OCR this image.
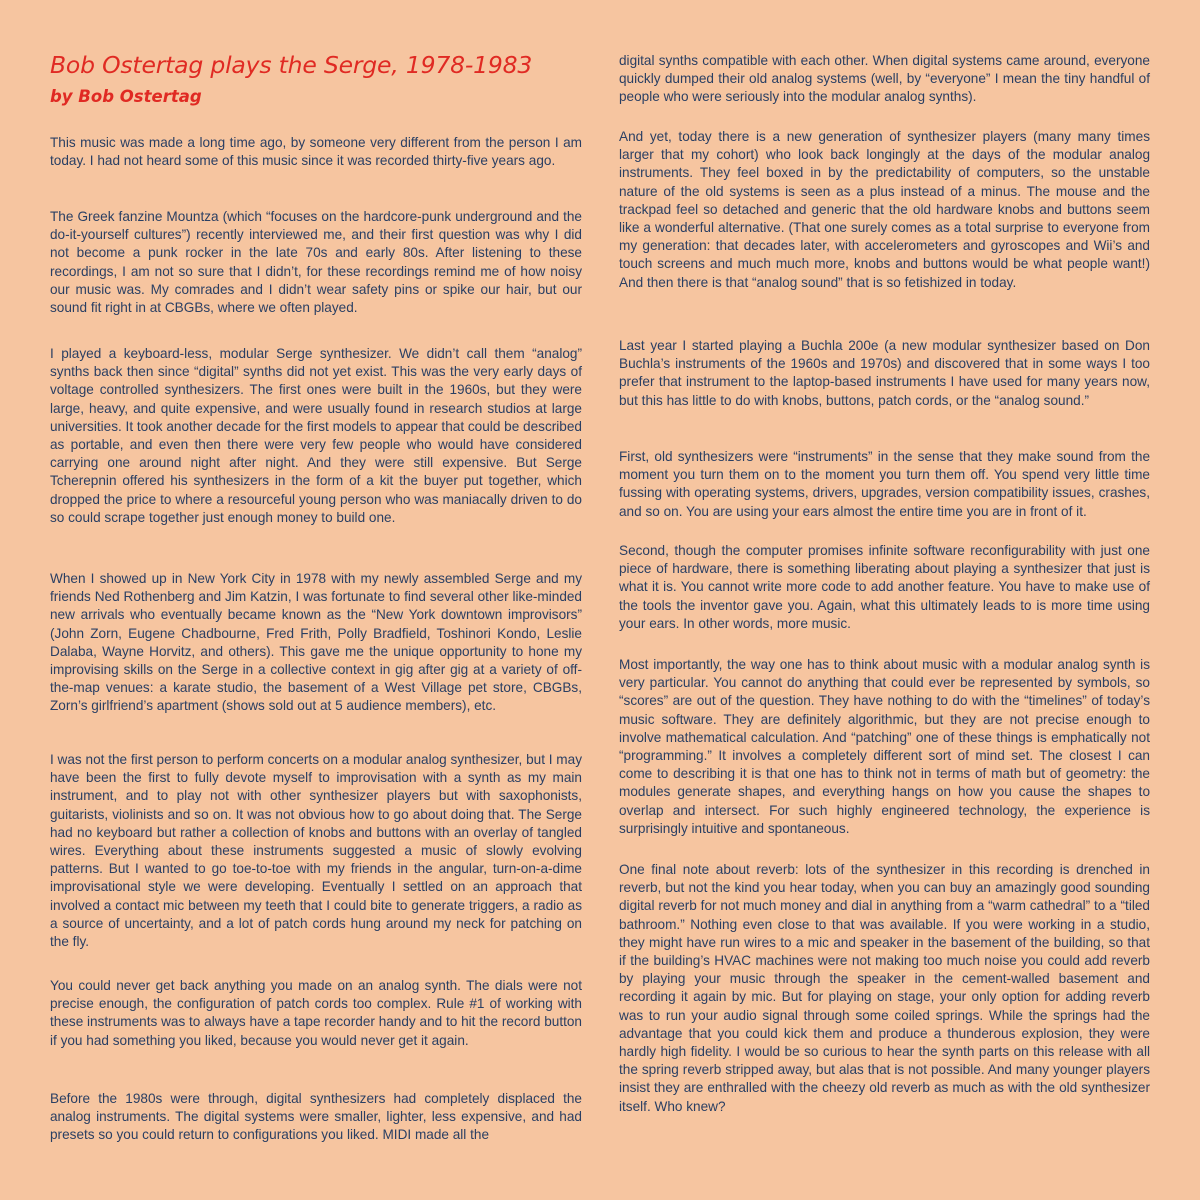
Bob Ostertag plays the Serge, 1978-1983
by Bob Ostertag

This music was made a long time ago, by someone very different from the person I am today. I had not heard some of this music since it was recorded thirty-five years ago.

The Greek fanzine Mountza (which “focuses on the hardcore-punk underground and the do-it-yourself cultures”) recently interviewed me, and their first question was why I did not become a punk rocker in the late 70s and early 80s. After listening to these recordings, I am not so sure that I didn’t, for these recordings remind me of how noisy our music was. My comrades and I didn’t wear safety pins or spike our hair, but our sound fit right in at CBGBs, where we often played.

I played a keyboard-less, modular Serge synthesizer. We didn’t call them “analog” synths back then since “digital” synths did not yet exist. This was the very early days of voltage controlled synthesizers. The first ones were built in the 1960s, but they were large, heavy, and quite expensive, and were usually found in research studios at large universities. It took another decade for the first models to appear that could be described as portable, and even then there were very few people who would have considered carrying one around night after night. And they were still expensive. But Serge Tcherepnin offered his synthesizers in the form of a kit the buyer put together, which dropped the price to where a resourceful young person who was maniacally driven to do so could scrape together just enough money to build one.

When I showed up in New York City in 1978 with my newly assembled Serge and my friends Ned Rothenberg and Jim Katzin, I was fortunate to find several other like-minded new arrivals who eventually became known as the “New York downtown improvisors” (John Zorn, Eugene Chadbourne, Fred Frith, Polly Bradfield, Toshinori Kondo, Leslie Dalaba, Wayne Horvitz, and others). This gave me the unique opportunity to hone my improvising skills on the Serge in a collective context in gig after gig at a variety of off-the-map venues: a karate studio, the basement of a West Village pet store, CBGBs, Zorn’s girlfriend’s apartment (shows sold out at 5 audience members), etc.

I was not the first person to perform concerts on a modular analog synthesizer, but I may have been the first to fully devote myself to improvisation with a synth as my main instrument, and to play not with other synthesizer players but with saxophonists, guitarists, violinists and so on. It was not obvious how to go about doing that. The Serge had no keyboard but rather a collection of knobs and buttons with an overlay of tangled wires. Everything about these instruments suggested a music of slowly evolving patterns. But I wanted to go toe-to-toe with my friends in the angular, turn-on-a-dime improvisational style we were developing. Eventually I settled on an approach that involved a contact mic between my teeth that I could bite to generate triggers, a radio as a source of uncertainty, and a lot of patch cords hung around my neck for patching on the fly.

You could never get back anything you made on an analog synth. The dials were not precise enough, the configuration of patch cords too complex. Rule #1 of working with these instruments was to always have a tape recorder handy and to hit the record button if you had something you liked, because you would never get it again.

Before the 1980s were through, digital synthesizers had completely displaced the analog instruments. The digital systems were smaller, lighter, less expensive, and had presets so you could return to configurations you liked. MIDI made all the

digital synths compatible with each other. When digital systems came around, everyone quickly dumped their old analog systems (well, by “everyone” I mean the tiny handful of people who were seriously into the modular analog synths).

And yet, today there is a new generation of synthesizer players (many many times larger that my cohort) who look back longingly at the days of the modular analog instruments. They feel boxed in by the predictability of computers, so the unstable nature of the old systems is seen as a plus instead of a minus. The mouse and the trackpad feel so detached and generic that the old hardware knobs and buttons seem like a wonderful alternative. (That one surely comes as a total surprise to everyone from my generation: that decades later, with accelerometers and gyroscopes and Wii’s and touch screens and much much more, knobs and buttons would be what people want!) And then there is that “analog sound” that is so fetishized in today.

Last year I started playing a Buchla 200e (a new modular synthesizer based on Don Buchla’s instruments of the 1960s and 1970s) and discovered that in some ways I too prefer that instrument to the laptop-based instruments I have used for many years now, but this has little to do with knobs, buttons, patch cords, or the “analog sound.”

First, old synthesizers were “instruments” in the sense that they make sound from the moment you turn them on to the moment you turn them off. You spend very little time fussing with operating systems, drivers, upgrades, version compatibility issues, crashes, and so on. You are using your ears almost the entire time you are in front of it.

Second, though the computer promises infinite software reconfigurability with just one piece of hardware, there is something liberating about playing a synthesizer that just is what it is. You cannot write more code to add another feature. You have to make use of the tools the inventor gave you. Again, what this ultimately leads to is more time using your ears. In other words, more music.

Most importantly, the way one has to think about music with a modular analog synth is very particular. You cannot do anything that could ever be represented by symbols, so “scores” are out of the question. They have nothing to do with the “timelines” of today’s music software. They are definitely algorithmic, but they are not precise enough to involve mathematical calculation. And “patching” one of these things is emphatically not “programming.” It involves a completely different sort of mind set. The closest I can come to describing it is that one has to think not in terms of math but of geometry: the modules generate shapes, and everything hangs on how you cause the shapes to overlap and intersect. For such highly engineered technology, the experience is surprisingly intuitive and spontaneous.

One final note about reverb: lots of the synthesizer in this recording is drenched in reverb, but not the kind you hear today, when you can buy an amazingly good sounding digital reverb for not much money and dial in anything from a “warm cathedral” to a “tiled bathroom.” Nothing even close to that was available. If you were working in a studio, they might have run wires to a mic and speaker in the basement of the building, so that if the building’s HVAC machines were not making too much noise you could add reverb by playing your music through the speaker in the cement-walled basement and recording it again by mic. But for playing on stage, your only option for adding reverb was to run your audio signal through some coiled springs. While the springs had the advantage that you could kick them and produce a thunderous explosion, they were hardly high fidelity. I would be so curious to hear the synth parts on this release with all the spring reverb stripped away, but alas that is not possible. And many younger players insist they are enthralled with the cheezy old reverb as much as with the old synthesizer itself. Who knew?
